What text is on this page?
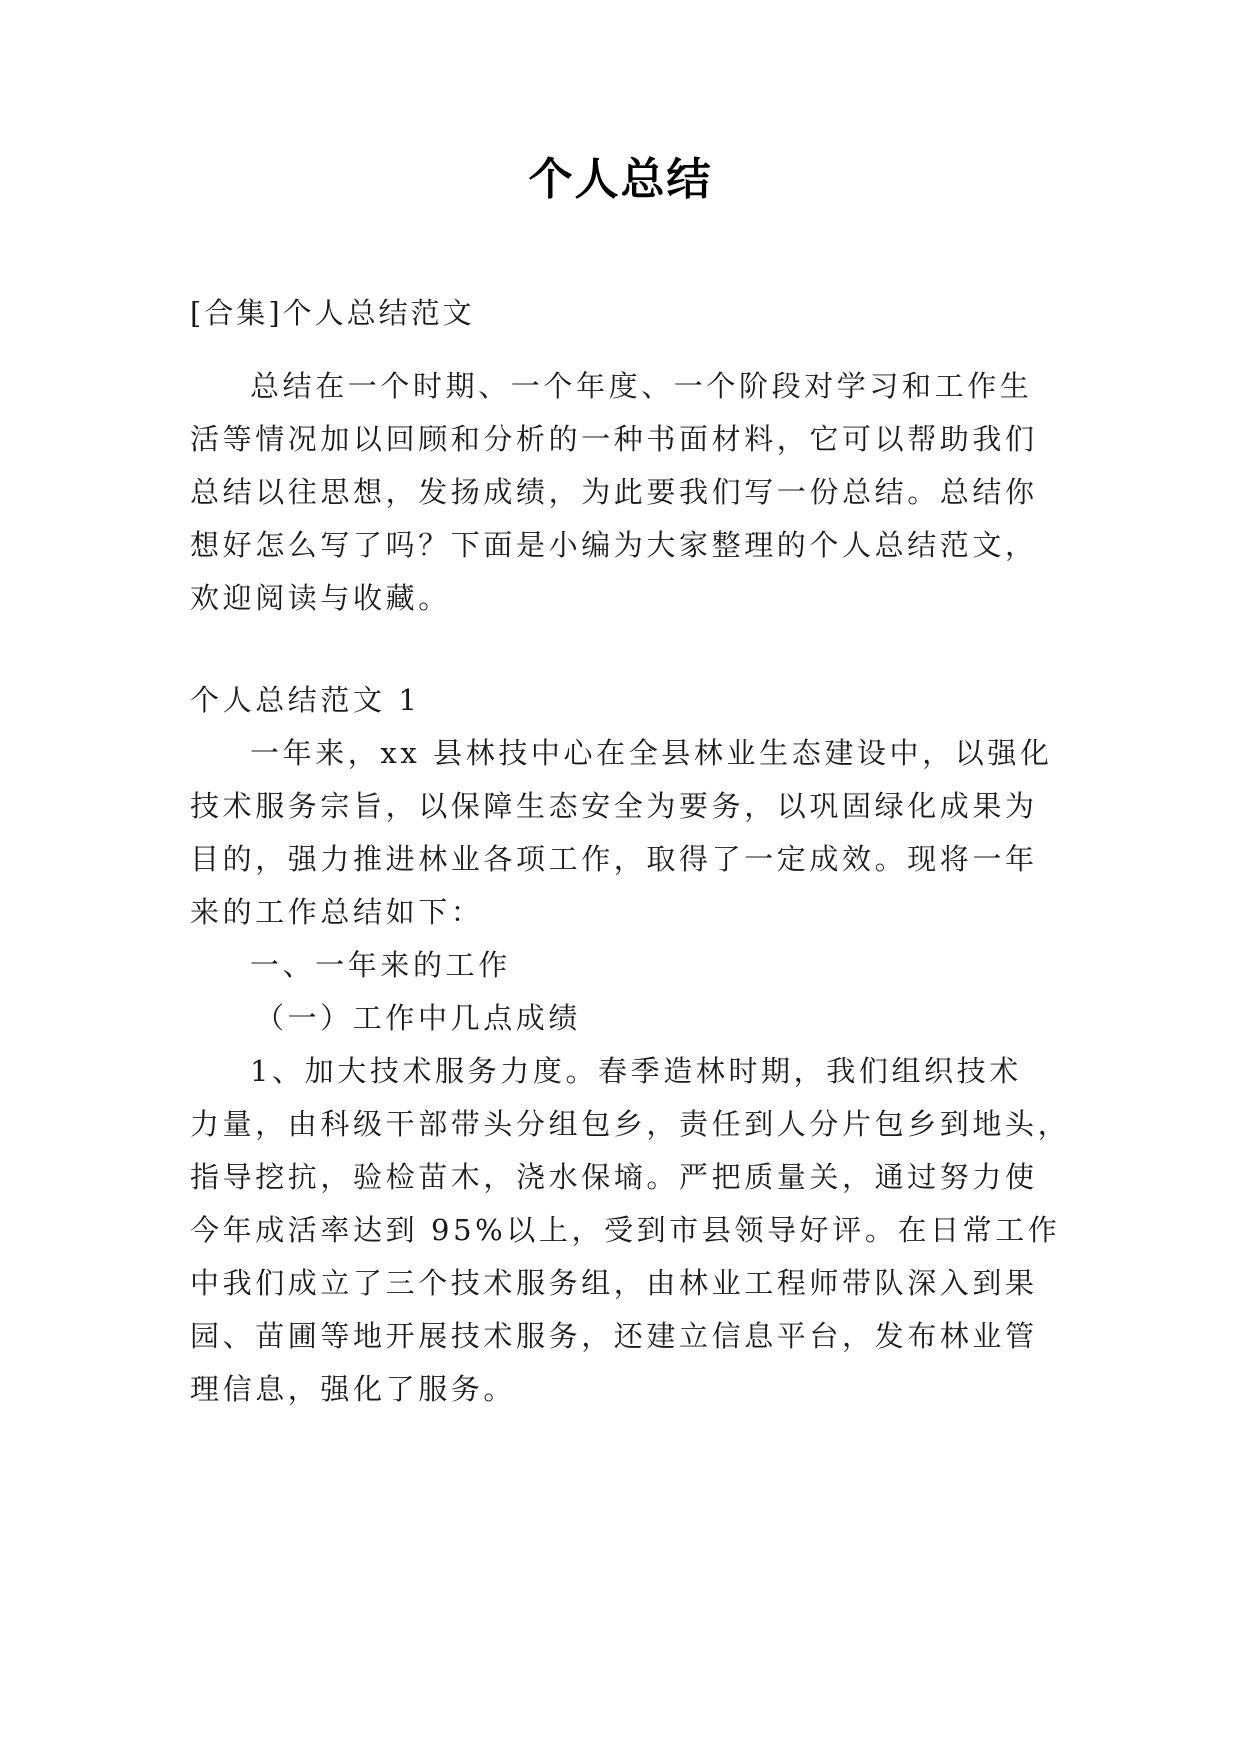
个人总结
[合集]个人总结范文
总结在一个时期、一个年度、一个阶段对学习和工作生
活等情况加以回顾和分析的一种书面材料，它可以帮助我们
总结以往思想，发扬成绩，为此要我们写一份总结。总结你
想好怎么写了吗？下面是小编为大家整理的个人总结范文，
欢迎阅读与收藏。
个人总结范文 1
一年来，xx 县林技中心在全县林业生态建设中，以强化
技术服务宗旨，以保障生态安全为要务，以巩固绿化成果为
目的，强力推进林业各项工作，取得了一定成效。现将一年
来的工作总结如下：
一、一年来的工作
（一）工作中几点成绩
1、加大技术服务力度。春季造林时期，我们组织技术
力量，由科级干部带头分组包乡，责任到人分片包乡到地头，
指导挖抗，验检苗木，浇水保墒。严把质量关，通过努力使
今年成活率达到 95%以上，受到市县领导好评。在日常工作
中我们成立了三个技术服务组，由林业工程师带队深入到果
园、苗圃等地开展技术服务，还建立信息平台，发布林业管
理信息，强化了服务。
